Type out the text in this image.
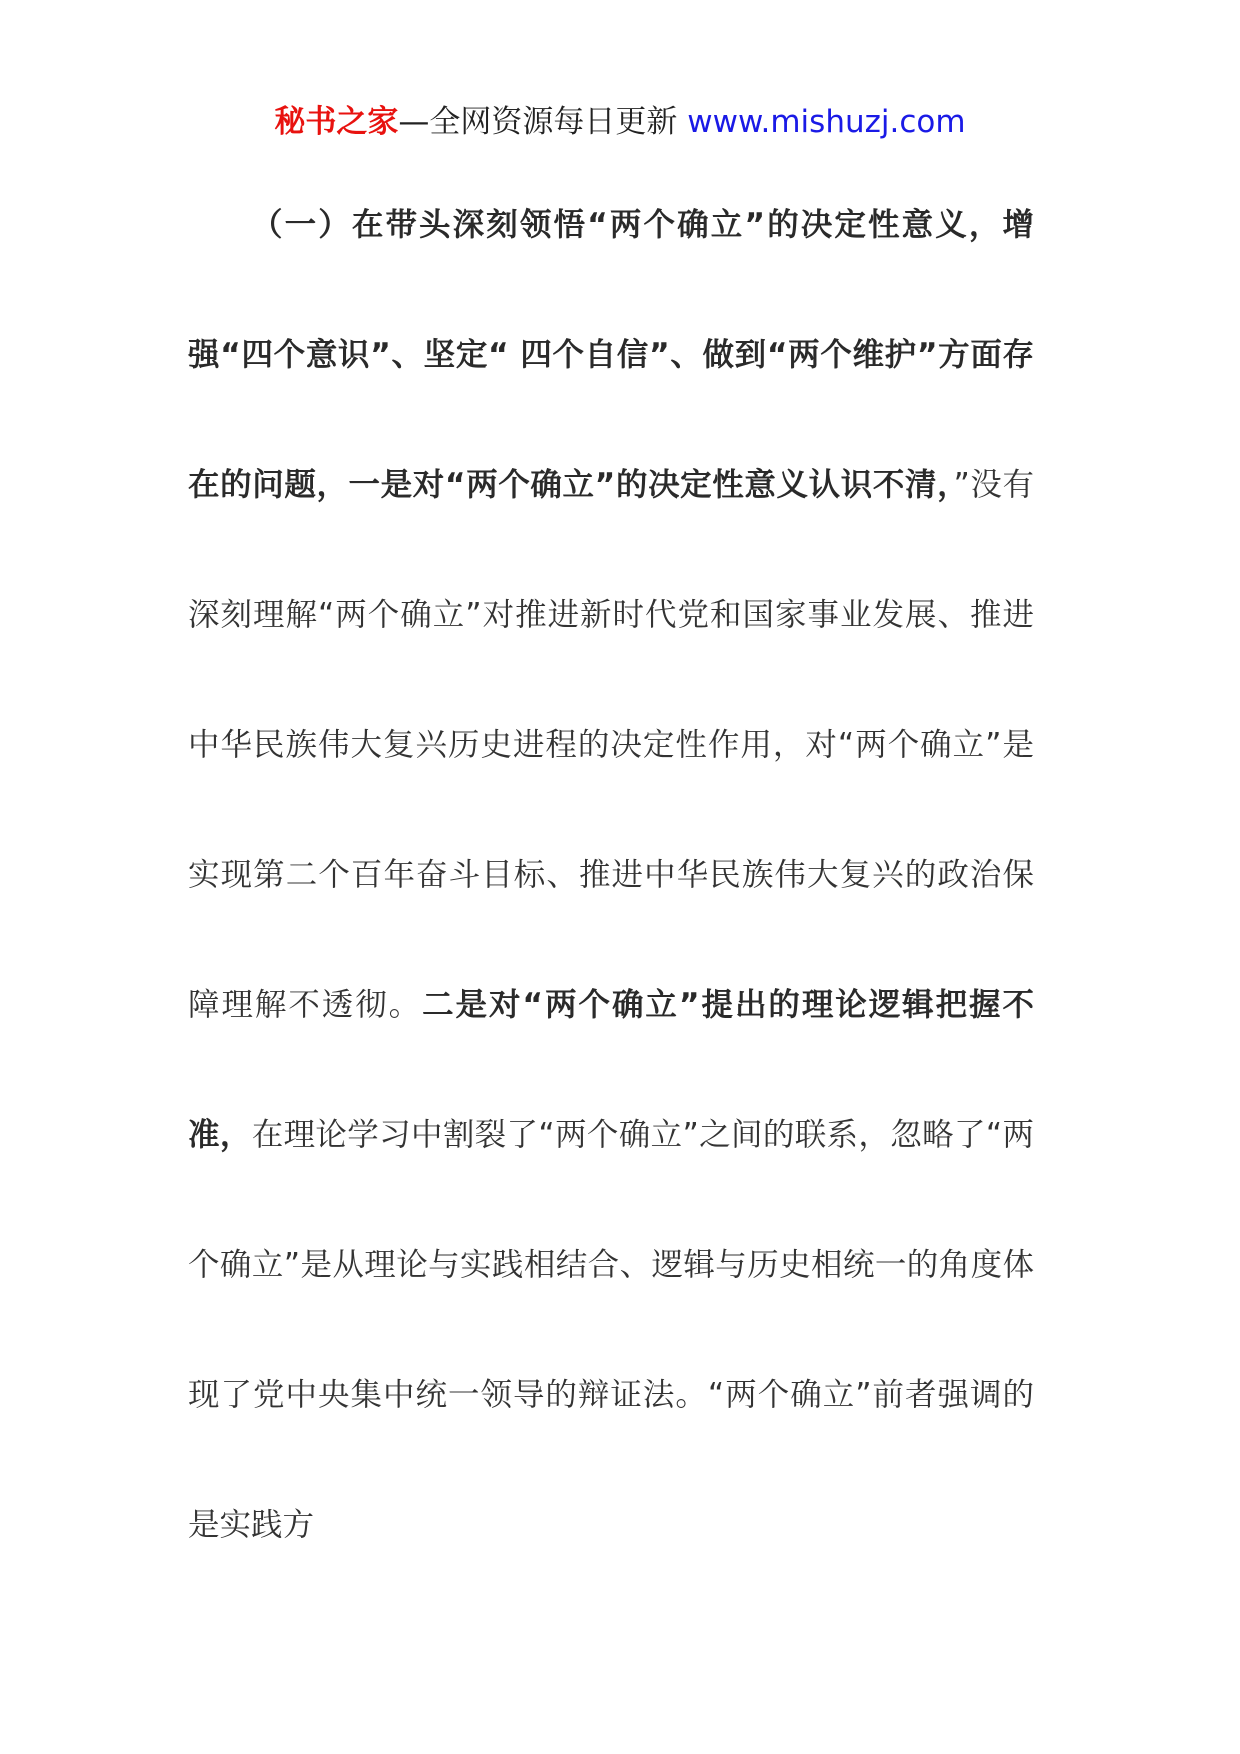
秘书之家—全网资源每日更新 www.mishuzj.com

（一）在带头深刻领悟“两个确立”的决定性意义，增强“四个意识”、坚定“ 四个自信”、做到“两个维护”方面存在的问题，一是对“两个确立”的决定性意义认识不清，”没有深刻理解“两个确立”对推进新时代党和国家事业发展、推进中华民族伟大复兴历史进程的决定性作用，对“两个确立”是实现第二个百年奋斗目标、推进中华民族伟大复兴的政治保障理解不透彻。二是对“两个确立”提出的理论逻辑把握不准，在理论学习中割裂了“两个确立”之间的联系，忽略了“两个确立”是从理论与实践相结合、逻辑与历史相统一的角度体现了党中央集中统一领导的辩证法。“两个确立”前者强调的是实践方
